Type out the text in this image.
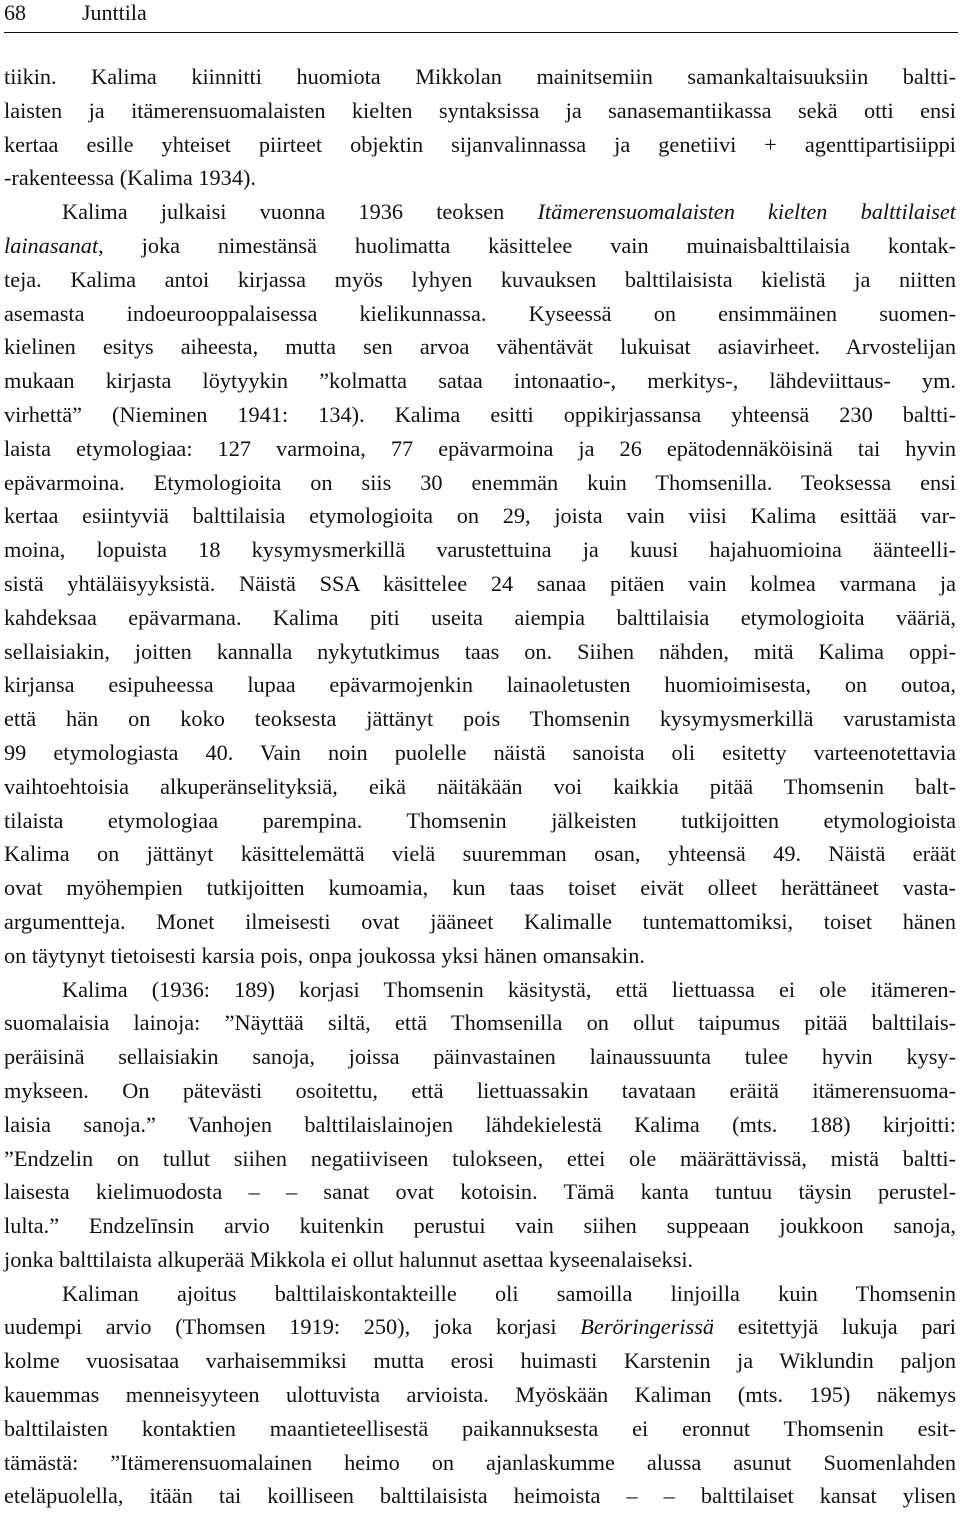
68	Junttila
tiikin. Kalima kiinnitti huomiota Mikkolan mainitsemiin samankaltaisuuksiin baltti-
laisten ja itämerensuomalaisten kielten syntaksissa ja sanasemantiikassa sekä otti ensi
kertaa esille yhteiset piirteet objektin sijanvalinnassa ja genetiivi + agenttipartisiippi
-rakenteessa (Kalima 1934).
Kalima julkaisi vuonna 1936 teoksen Itämerensuomalaisten kielten balttilaiset
lainasanat, joka nimestänsä huolimatta käsittelee vain muinaisbalttilaisia kontak-
teja. Kalima antoi kirjassa myös lyhyen kuvauksen balttilaisista kielistä ja niitten
asemasta indoeurooppalaisessa kielikunnassa. Kyseessä on ensimmäinen suomen-
kielinen esitys aiheesta, mutta sen arvoa vähentävät lukuisat asiavirheet. Arvostelijan
mukaan kirjasta löytyykin ”kolmatta sataa intonaatio-, merkitys-, lähdeviittaus- ym.
virhettä” (Nieminen 1941: 134). Kalima esitti oppikirjassansa yhteensä 230 baltti-
laista etymologiaa: 127 varmoina, 77 epävarmoina ja 26 epätodennäköisinä tai hyvin
epävarmoina. Etymologioita on siis 30 enemmän kuin Thomsenilla. Teoksessa ensi
kertaa esiintyviä balttilaisia etymologioita on 29, joista vain viisi Kalima esittää var-
moina, lopuista 18 kysymysmerkillä varustettuina ja kuusi hajahuomioina äänteelli-
sistä yhtäläisyyksistä. Näistä SSA käsittelee 24 sanaa pitäen vain kolmea varmana ja
kahdeksaa epävarmana. Kalima piti useita aiempia balttilaisia etymologioita vääriä,
sellaisiakin, joitten kannalla nykytutkimus taas on. Siihen nähden, mitä Kalima oppi-
kirjansa esipuheessa lupaa epävarmojenkin lainaoletusten huomioimisesta, on outoa,
että hän on koko teoksesta jättänyt pois Thomsenin kysymysmerkillä varustamista
99 etymologiasta 40. Vain noin puolelle näistä sanoista oli esitetty varteenotettavia
vaihtoehtoisia alkuperänselityksiä, eikä näitäkään voi kaikkia pitää Thomsenin balt-
tilaista etymologiaa parempina. Thomsenin jälkeisten tutkijoitten etymologioista
Kalima on jättänyt käsittelemättä vielä suuremman osan, yhteensä 49. Näistä eräät
ovat myöhempien tutkijoitten kumoamia, kun taas toiset eivät olleet herättäneet vasta-
argumentteja. Monet ilmeisesti ovat jääneet Kalimalle tuntemattomiksi, toiset hänen
on täytynyt tietoisesti karsia pois, onpa joukossa yksi hänen omansakin.
Kalima (1936: 189) korjasi Thomsenin käsitystä, että liettuassa ei ole itämeren-
suomalaisia lainoja: ”Näyttää siltä, että Thomsenilla on ollut taipumus pitää balttilais-
peräisinä sellaisiakin sanoja, joissa päinvastainen lainaussuunta tulee hyvin kysy-
mykseen. On pätevästi osoitettu, että liettuassakin tavataan eräitä itämerensuoma-
laisia sanoja.” Vanhojen balttilaislainojen lähdekielestä Kalima (mts. 188) kirjoitti:
”Endzelin on tullut siihen negatiiviseen tulokseen, ettei ole määrättävissä, mistä baltti-
laisesta kielimuodosta – – sanat ovat kotoisin. Tämä kanta tuntuu täysin perustel-
lulta.” Endzelīnsin arvio kuitenkin perustui vain siihen suppeaan joukkoon sanoja,
jonka balttilaista alkuperää Mikkola ei ollut halunnut asettaa kyseenalaiseksi.
Kaliman ajoitus balttilaiskontakteille oli samoilla linjoilla kuin Thomsenin
uudempi arvio (Thomsen 1919: 250), joka korjasi Beröringerissä esitettyjä lukuja pari
kolme vuosisataa varhaisemmiksi mutta erosi huimasti Karstenin ja Wiklundin paljon
kauemmas menneisyyteen ulottuvista arvioista. Myöskään Kaliman (mts. 195) näkemys
balttilaisten kontaktien maantieteellisestä paikannuksesta ei eronnut Thomsenin esit-
tämästä: ”Itämerensuomalainen heimo on ajanlaskumme alussa asunut Suomenlahden
eteläpuolella, itään tai koilliseen balttilaisista heimoista – – balttilaiset kansat ylisen
